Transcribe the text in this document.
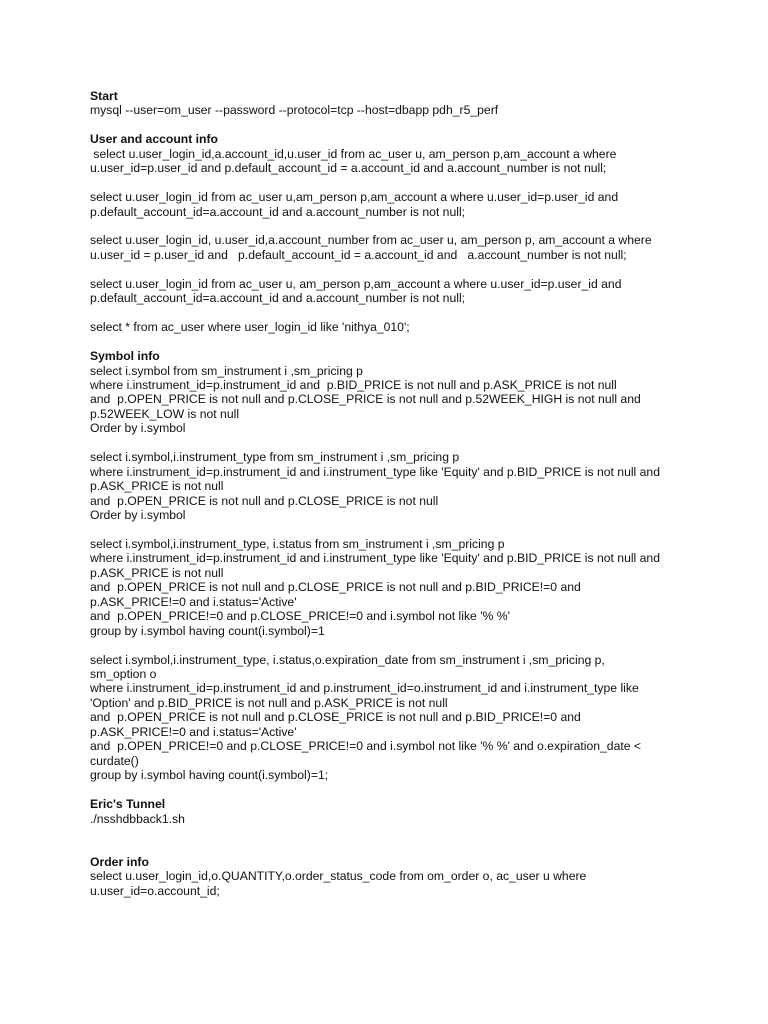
Start
mysql --user=om_user --password --protocol=tcp --host=dbapp pdh_r5_perf
User and account info
select u.user_login_id,a.account_id,u.user_id from ac_user u, am_person p,am_account a where
u.user_id=p.user_id and p.default_account_id = a.account_id and a.account_number is not null;
select u.user_login_id from ac_user u,am_person p,am_account a where u.user_id=p.user_id and
p.default_account_id=a.account_id and a.account_number is not null;
select u.user_login_id, u.user_id,a.account_number from ac_user u, am_person p, am_account a where
u.user_id = p.user_id and   p.default_account_id = a.account_id and   a.account_number is not null;
select u.user_login_id from ac_user u, am_person p,am_account a where u.user_id=p.user_id and
p.default_account_id=a.account_id and a.account_number is not null;
select * from ac_user where user_login_id like 'nithya_010';
Symbol info
select i.symbol from sm_instrument i ,sm_pricing p
where i.instrument_id=p.instrument_id and  p.BID_PRICE is not null and p.ASK_PRICE is not null
and  p.OPEN_PRICE is not null and p.CLOSE_PRICE is not null and p.52WEEK_HIGH is not null and
p.52WEEK_LOW is not null
Order by i.symbol
select i.symbol,i.instrument_type from sm_instrument i ,sm_pricing p
where i.instrument_id=p.instrument_id and i.instrument_type like 'Equity' and p.BID_PRICE is not null and
p.ASK_PRICE is not null
and  p.OPEN_PRICE is not null and p.CLOSE_PRICE is not null
Order by i.symbol
select i.symbol,i.instrument_type, i.status from sm_instrument i ,sm_pricing p
where i.instrument_id=p.instrument_id and i.instrument_type like 'Equity' and p.BID_PRICE is not null and
p.ASK_PRICE is not null
and  p.OPEN_PRICE is not null and p.CLOSE_PRICE is not null and p.BID_PRICE!=0 and
p.ASK_PRICE!=0 and i.status='Active'
and  p.OPEN_PRICE!=0 and p.CLOSE_PRICE!=0 and i.symbol not like '% %'
group by i.symbol having count(i.symbol)=1
select i.symbol,i.instrument_type, i.status,o.expiration_date from sm_instrument i ,sm_pricing p,
sm_option o
where i.instrument_id=p.instrument_id and p.instrument_id=o.instrument_id and i.instrument_type like
'Option' and p.BID_PRICE is not null and p.ASK_PRICE is not null
and  p.OPEN_PRICE is not null and p.CLOSE_PRICE is not null and p.BID_PRICE!=0 and
p.ASK_PRICE!=0 and i.status='Active'
and  p.OPEN_PRICE!=0 and p.CLOSE_PRICE!=0 and i.symbol not like '% %' and o.expiration_date <
curdate()
group by i.symbol having count(i.symbol)=1;
Eric's Tunnel
./nsshdbback1.sh
Order info
select u.user_login_id,o.QUANTITY,o.order_status_code from om_order o, ac_user u where
u.user_id=o.account_id;
